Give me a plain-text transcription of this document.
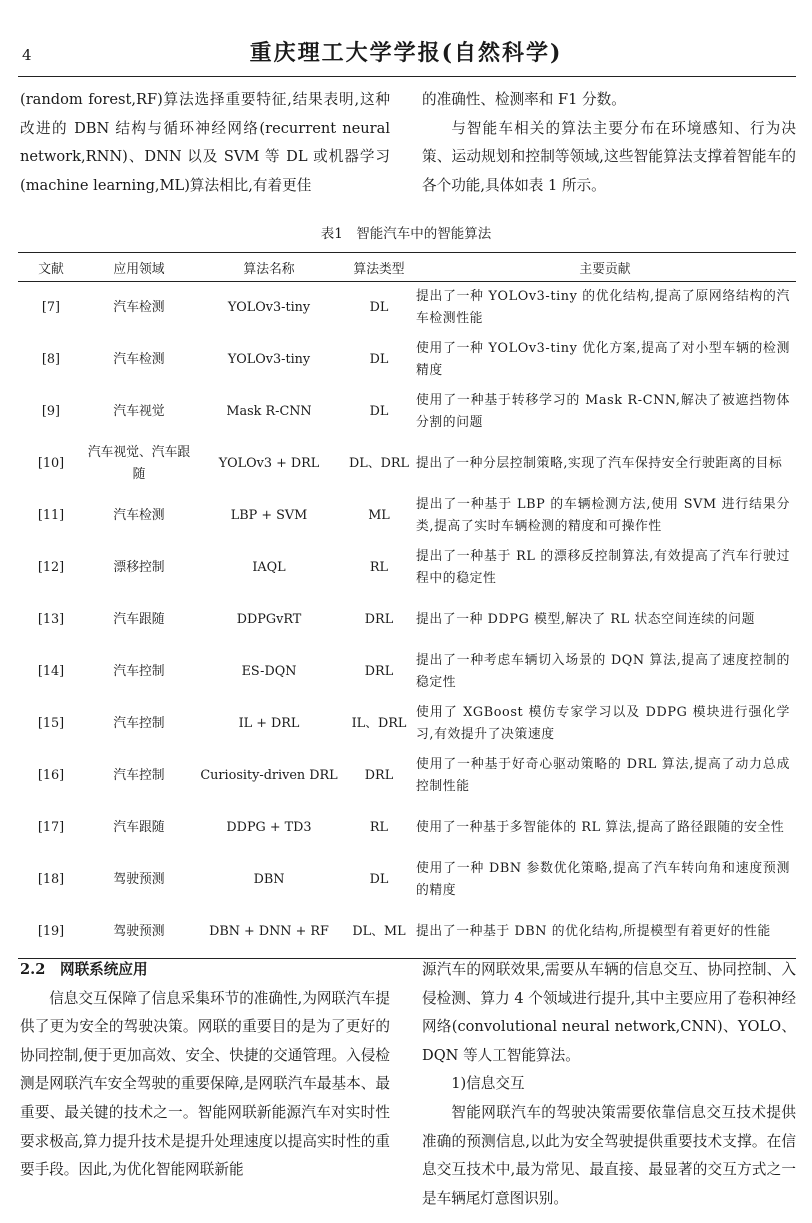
4	重庆理工大学学报(自然科学)

(random forest,RF)算法选择重要特征,结果表明,这种改进的 DBN 结构与循环神经网络(recurrent neural network,RNN)、DNN 以及 SVM 等 DL 或机器学习(machine learning,ML)算法相比,有着更佳

的准确性、检测率和 F1 分数。

与智能车相关的算法主要分布在环境感知、行为决策、运动规划和控制等领域,这些智能算法支撑着智能车的各个功能,具体如表 1 所示。

表1　智能汽车中的智能算法
文献	应用领域	算法名称	算法类型	主要贡献
[7]	汽车检测	YOLOv3-tiny	DL	提出了一种 YOLOv3-tiny 的优化结构,提高了原网络结构的汽车检测性能
[8]	汽车检测	YOLOv3-tiny	DL	使用了一种 YOLOv3-tiny 优化方案,提高了对小型车辆的检测精度
[9]	汽车视觉	Mask R-CNN	DL	使用了一种基于转移学习的 Mask R-CNN,解决了被遮挡物体分割的问题
[10]	汽车视觉、汽车跟随	YOLOv3 + DRL	DL、DRL	提出了一种分层控制策略,实现了汽车保持安全行驶距离的目标
[11]	汽车检测	LBP + SVM	ML	提出了一种基于 LBP 的车辆检测方法,使用 SVM 进行结果分类,提高了实时车辆检测的精度和可操作性
[12]	漂移控制	IAQL	RL	提出了一种基于 RL 的漂移反控制算法,有效提高了汽车行驶过程中的稳定性
[13]	汽车跟随	DDPGvRT	DRL	提出了一种 DDPG 模型,解决了 RL 状态空间连续的问题
[14]	汽车控制	ES-DQN	DRL	提出了一种考虑车辆切入场景的 DQN 算法,提高了速度控制的稳定性
[15]	汽车控制	IL + DRL	IL、DRL	使用了 XGBoost 模仿专家学习以及 DDPG 模块进行强化学习,有效提升了决策速度
[16]	汽车控制	Curiosity-driven DRL	DRL	使用了一种基于好奇心驱动策略的 DRL 算法,提高了动力总成控制性能
[17]	汽车跟随	DDPG + TD3	RL	使用了一种基于多智能体的 RL 算法,提高了路径跟随的安全性
[18]	驾驶预测	DBN	DL	使用了一种 DBN 参数优化策略,提高了汽车转向角和速度预测的精度
[19]	驾驶预测	DBN + DNN + RF	DL、ML	提出了一种基于 DBN 的优化结构,所提模型有着更好的性能

2.2　网联系统应用

信息交互保障了信息采集环节的准确性,为网联汽车提供了更为安全的驾驶决策。网联的重要目的是为了更好的协同控制,便于更加高效、安全、快捷的交通管理。入侵检测是网联汽车安全驾驶的重要保障,是网联汽车最基本、最重要、最关键的技术之一。智能网联新能源汽车对实时性要求极高,算力提升技术是提升处理速度以提高实时性的重要手段。因此,为优化智能网联新能

源汽车的网联效果,需要从车辆的信息交互、协同控制、入侵检测、算力 4 个领域进行提升,其中主要应用了卷积神经网络(convolutional neural network,CNN)、YOLO、DQN 等人工智能算法。

1)信息交互

智能网联汽车的驾驶决策需要依靠信息交互技术提供准确的预测信息,以此为安全驾驶提供重要技术支撑。在信息交互技术中,最为常见、最直接、最显著的交互方式之一是车辆尾灯意图识别。
